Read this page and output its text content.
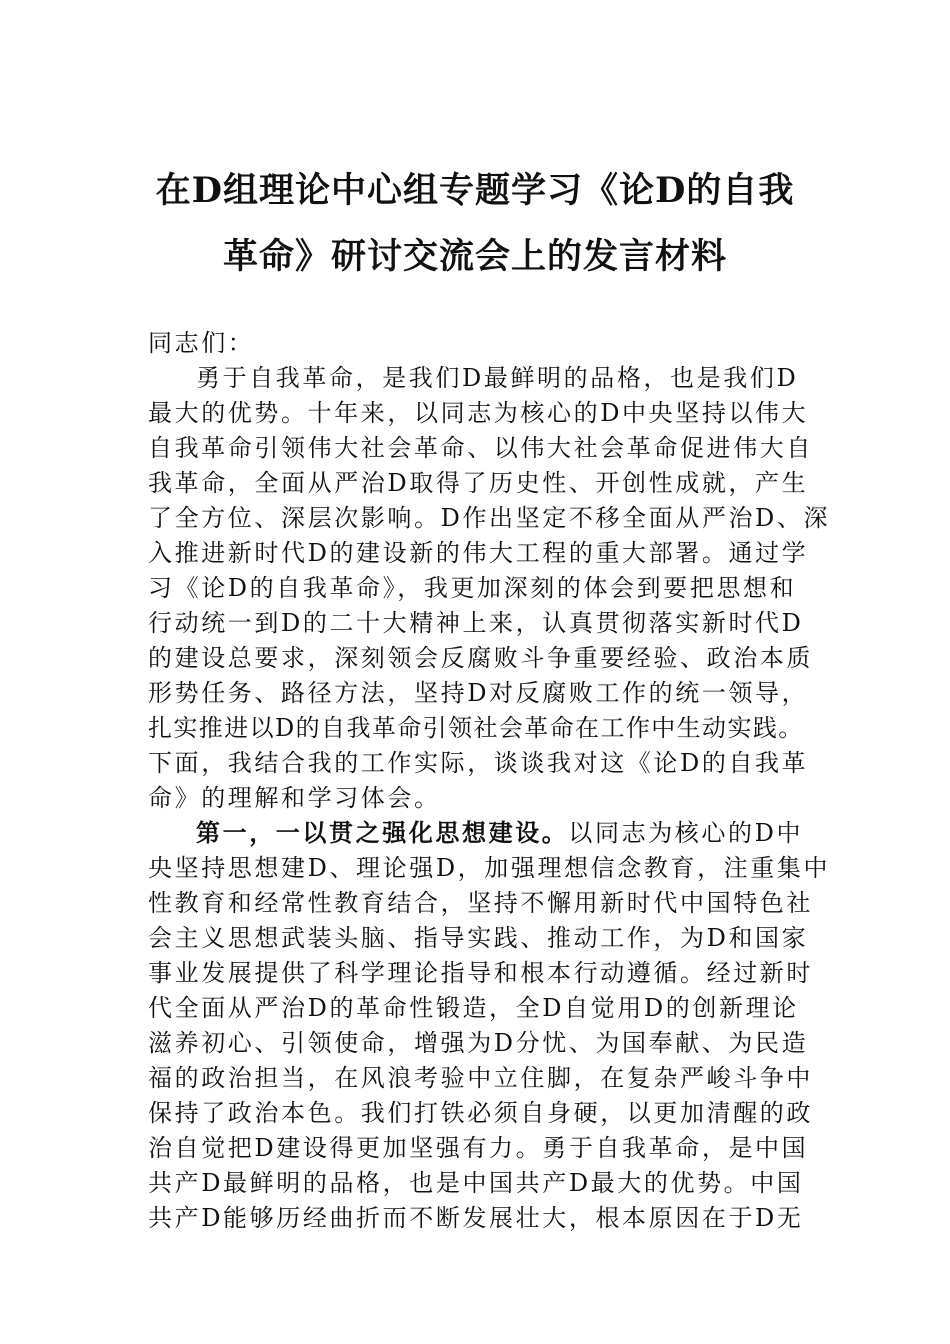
在D组理论中心组专题学习《论D的自我
革命》研讨交流会上的发言材料
同志们：
勇于自我革命，是我们D最鲜明的品格，也是我们D
最大的优势。十年来，以同志为核心的D中央坚持以伟大
自我革命引领伟大社会革命、以伟大社会革命促进伟大自
我革命，全面从严治D取得了历史性、开创性成就，产生
了全方位、深层次影响。D作出坚定不移全面从严治D、深
入推进新时代D的建设新的伟大工程的重大部署。通过学
习《论D的自我革命》，我更加深刻的体会到要把思想和
行动统一到D的二十大精神上来，认真贯彻落实新时代D
的建设总要求，深刻领会反腐败斗争重要经验、政治本质
形势任务、路径方法，坚持D对反腐败工作的统一领导，
扎实推进以D的自我革命引领社会革命在工作中生动实践。
下面，我结合我的工作实际，谈谈我对这《论D的自我革
命》的理解和学习体会。
第一，一以贯之强化思想建设。以同志为核心的D中
央坚持思想建D、理论强D，加强理想信念教育，注重集中
性教育和经常性教育结合，坚持不懈用新时代中国特色社
会主义思想武装头脑、指导实践、推动工作，为D和国家
事业发展提供了科学理论指导和根本行动遵循。经过新时
代全面从严治D的革命性锻造，全D自觉用D的创新理论
滋养初心、引领使命，增强为D分忧、为国奉献、为民造
福的政治担当，在风浪考验中立住脚，在复杂严峻斗争中
保持了政治本色。我们打铁必须自身硬，以更加清醒的政
治自觉把D建设得更加坚强有力。勇于自我革命，是中国
共产D最鲜明的品格，也是中国共产D最大的优势。中国
共产D能够历经曲折而不断发展壮大，根本原因在于D无
